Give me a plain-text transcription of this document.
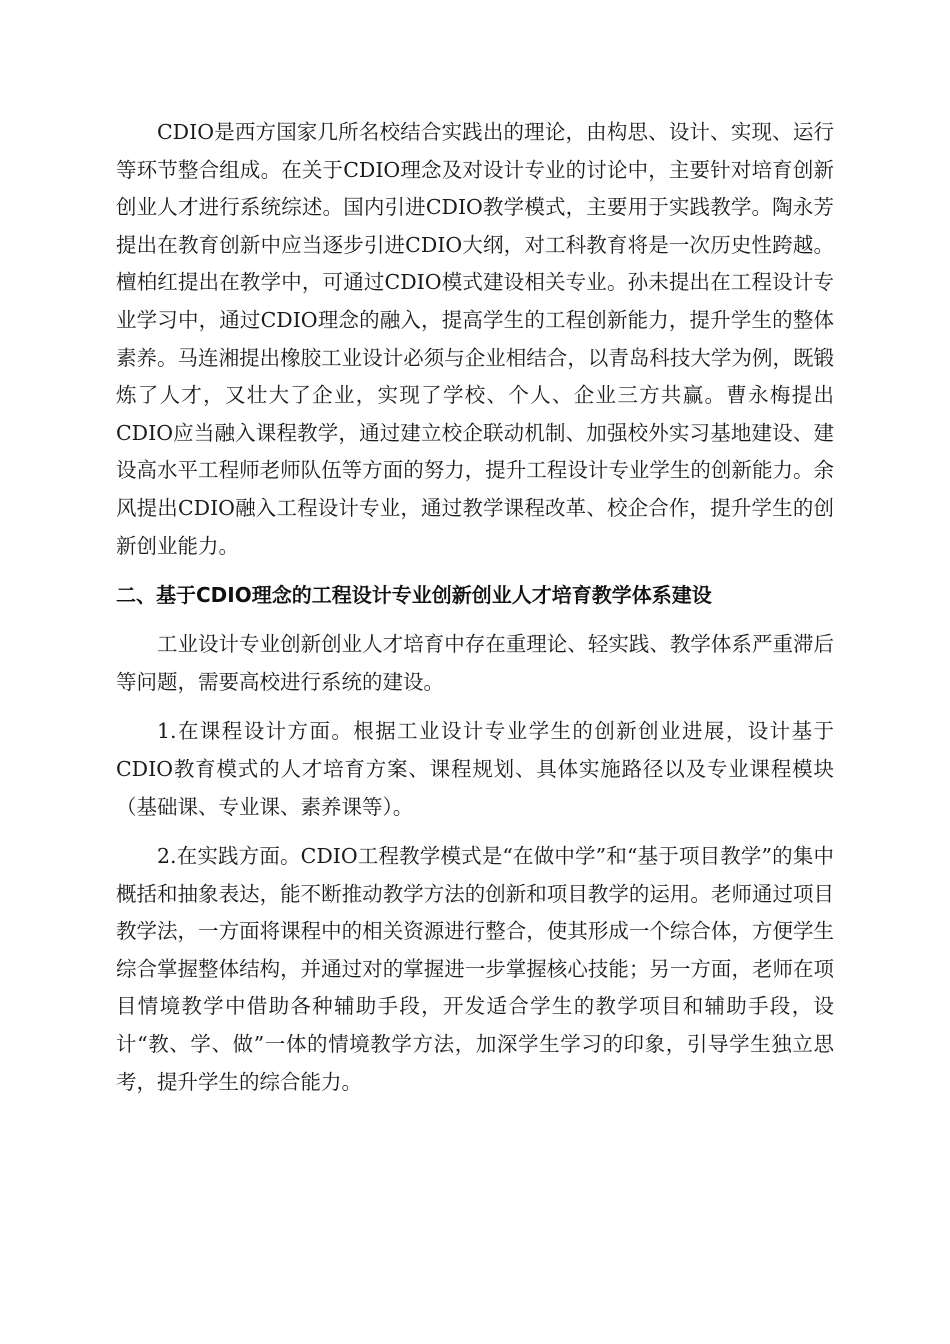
CDIO是西方国家几所名校结合实践出的理论，由构思、设计、实现、运行等环节整合组成。在关于CDIO理念及对设计专业的讨论中，主要针对培育创新创业人才进行系统综述。国内引进CDIO教学模式，主要用于实践教学。陶永芳提出在教育创新中应当逐步引进CDIO大纲，对工科教育将是一次历史性跨越。檀柏红提出在教学中，可通过CDIO模式建设相关专业。孙未提出在工程设计专业学习中，通过CDIO理念的融入，提高学生的工程创新能力，提升学生的整体素养。马连湘提出橡胶工业设计必须与企业相结合，以青岛科技大学为例，既锻炼了人才，又壮大了企业，实现了学校、个人、企业三方共赢。曹永梅提出CDIO应当融入课程教学，通过建立校企联动机制、加强校外实习基地建设、建设高水平工程师老师队伍等方面的努力，提升工程设计专业学生的创新能力。余风提出CDIO融入工程设计专业，通过教学课程改革、校企合作，提升学生的创新创业能力。

二、基于CDIO理念的工程设计专业创新创业人才培育教学体系建设

工业设计专业创新创业人才培育中存在重理论、轻实践、教学体系严重滞后等问题，需要高校进行系统的建设。

1.在课程设计方面。根据工业设计专业学生的创新创业进展，设计基于CDIO教育模式的人才培育方案、课程规划、具体实施路径以及专业课程模块（基础课、专业课、素养课等）。

2.在实践方面。CDIO工程教学模式是“在做中学”和“基于项目教学”的集中概括和抽象表达，能不断推动教学方法的创新和项目教学的运用。老师通过项目教学法，一方面将课程中的相关资源进行整合，使其形成一个综合体，方便学生综合掌握整体结构，并通过对的掌握进一步掌握核心技能；另一方面，老师在项目情境教学中借助各种辅助手段，开发适合学生的教学项目和辅助手段，设计“教、学、做”一体的情境教学方法，加深学生学习的印象，引导学生独立思考，提升学生的综合能力。
